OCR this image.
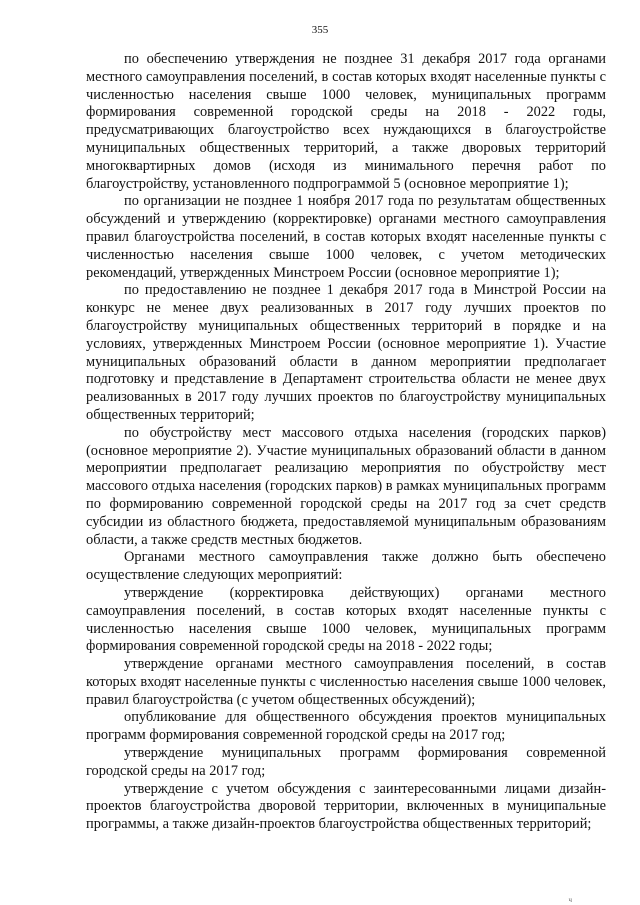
355

по обеспечению утверждения не позднее 31 декабря 2017 года органами местного самоуправления поселений, в состав которых входят населенные пункты с численностью населения свыше 1000 человек, муниципальных программ формирования современной городской среды на 2018 - 2022 годы, предусматривающих благоустройство всех нуждающихся в благоустройстве муниципальных общественных территорий, а также дворовых территорий многоквартирных домов (исходя из минимального перечня работ по благоустройству, установленного подпрограммой 5 (основное мероприятие 1);

по организации не позднее 1 ноября 2017 года по результатам общественных обсуждений и утверждению (корректировке) органами местного самоуправления правил благоустройства поселений, в состав которых входят населенные пункты с численностью населения свыше 1000 человек, с учетом методических рекомендаций, утвержденных Минстроем России (основное мероприятие 1);

по предоставлению не позднее 1 декабря 2017 года в Минстрой России на конкурс не менее двух реализованных в 2017 году лучших проектов по благоустройству муниципальных общественных территорий в порядке и на условиях, утвержденных Минстроем России (основное мероприятие 1). Участие муниципальных образований области в данном мероприятии предполагает подготовку и представление в Департамент строительства области не менее двух реализованных в 2017 году лучших проектов по благоустройству муниципальных общественных территорий;

по обустройству мест массового отдыха населения (городских парков) (основное мероприятие 2). Участие муниципальных образований области в данном мероприятии предполагает реализацию мероприятия по обустройству мест массового отдыха населения (городских парков) в рамках муниципальных программ по формированию современной городской среды на 2017 год за счет средств субсидии из областного бюджета, предоставляемой муниципальным образованиям области, а также средств местных бюджетов.

Органами местного самоуправления также должно быть обеспечено осуществление следующих мероприятий:

утверждение (корректировка действующих) органами местного самоуправления поселений, в состав которых входят населенные пункты с численностью населения свыше 1000 человек, муниципальных программ формирования современной городской среды на 2018 - 2022 годы;

утверждение органами местного самоуправления поселений, в состав которых входят населенные пункты с численностью населения свыше 1000 человек, правил благоустройства (с учетом общественных обсуждений);

опубликование для общественного обсуждения проектов муниципальных программ формирования современной городской среды на 2017 год;

утверждение муниципальных программ формирования современной городской среды на 2017 год;

утверждение с учетом обсуждения с заинтересованными лицами дизайн-проектов благоустройства дворовой территории, включенных в муниципальные программы, а также дизайн-проектов благоустройства общественных территорий;

ч
